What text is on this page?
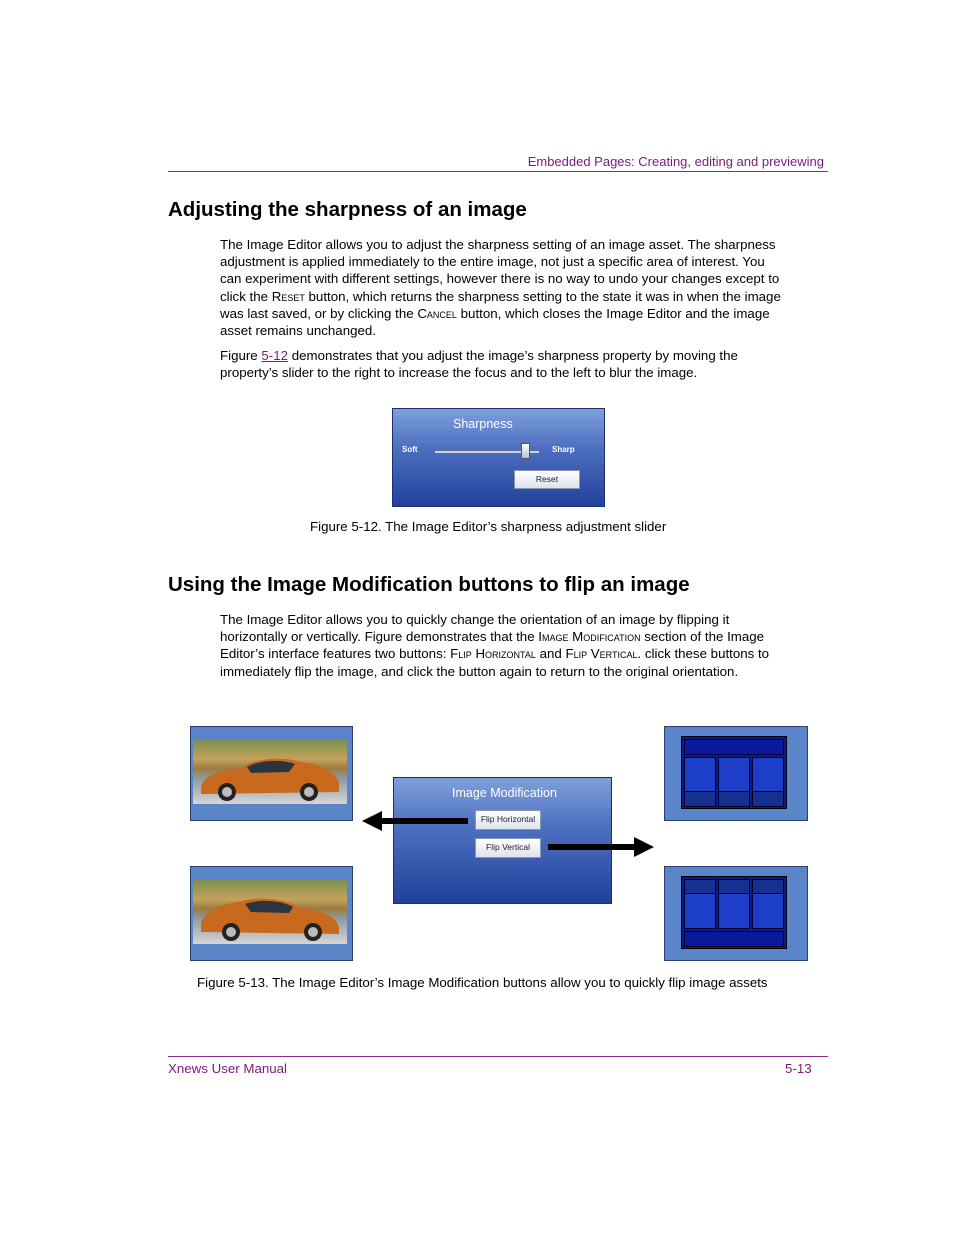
Embedded Pages: Creating, editing and previewing
Adjusting the sharpness of an image

The Image Editor allows you to adjust the sharpness setting of an image asset. The sharpness adjustment is applied immediately to the entire image, not just a specific area of interest. You can experiment with different settings, however there is no way to undo your changes except to click the Reset button, which returns the sharpness setting to the state it was in when the image was last saved, or by clicking the Cancel button, which closes the Image Editor and the image asset remains unchanged.

Figure 5-12 demonstrates that you adjust the image’s sharpness property by moving the property’s slider to the right to increase the focus and to the left to blur the image.

Sharpness
Soft	Sharp
Reset
Figure 5-12. The Image Editor’s sharpness adjustment slider
Using the Image Modification buttons to flip an image

The Image Editor allows you to quickly change the orientation of an image by flipping it horizontally or vertically. Figure demonstrates that the Image Modification section of the Image Editor’s interface features two buttons: Flip Horizontal and Flip Vertical. click these buttons to immediately flip the image, and click the button again to return to the original orientation.

Image Modification
Flip Horizontal
Flip Vertical
Figure 5-13. The Image Editor’s Image Modification buttons allow you to quickly flip image assets
Xnews User Manual	5-13
